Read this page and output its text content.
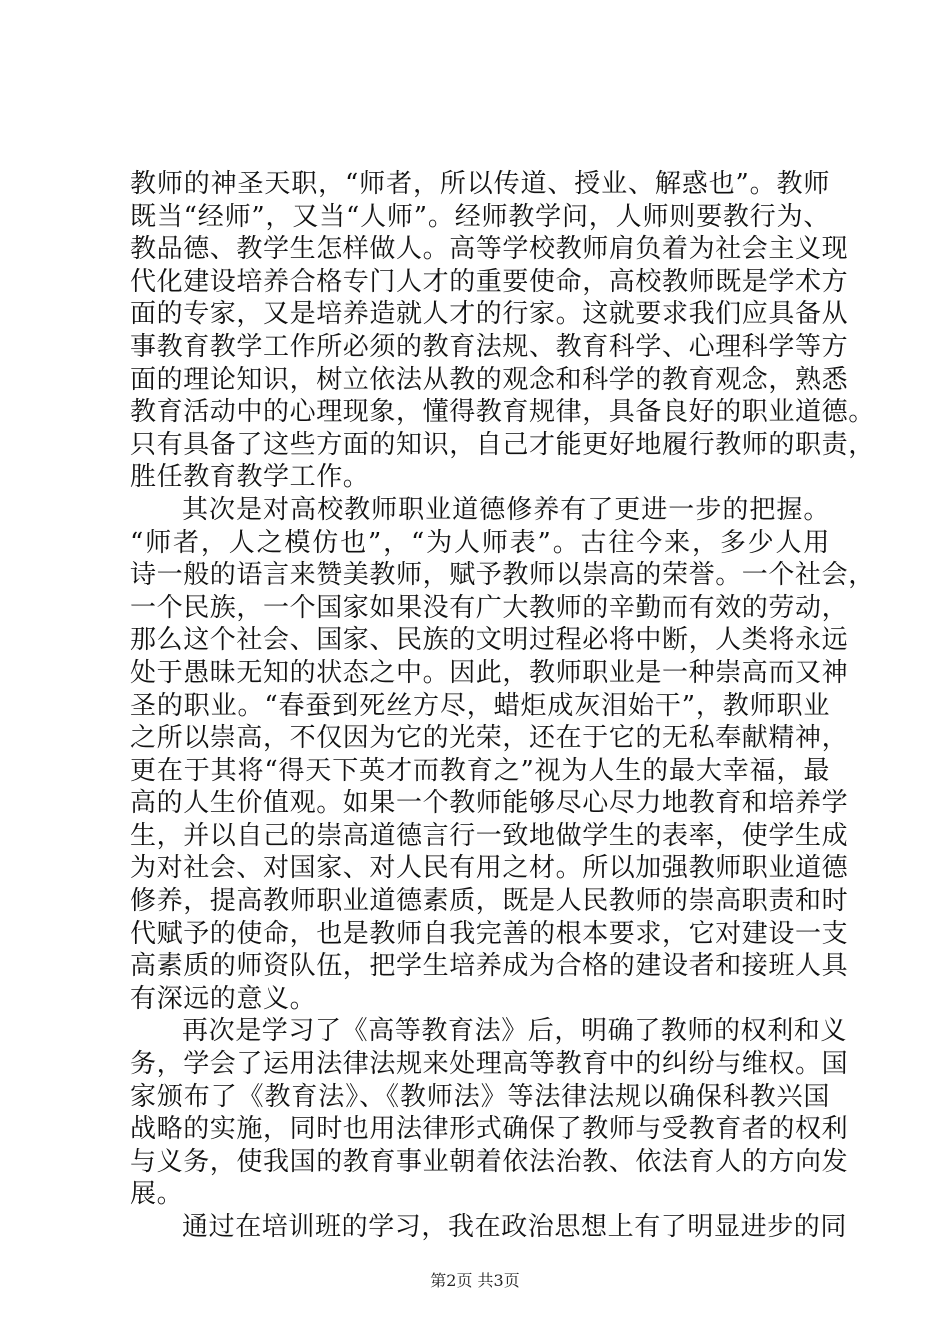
教师的神圣天职，“师者，所以传道、授业、解惑也”。教师
既当“经师”，又当“人师”。经师教学问，人师则要教行为、
教品德、教学生怎样做人。高等学校教师肩负着为社会主义现
代化建设培养合格专门人才的重要使命，高校教师既是学术方
面的专家，又是培养造就人才的行家。这就要求我们应具备从
事教育教学工作所必须的教育法规、教育科学、心理科学等方
面的理论知识，树立依法从教的观念和科学的教育观念，熟悉
教育活动中的心理现象，懂得教育规律，具备良好的职业道德。
只有具备了这些方面的知识，自己才能更好地履行教师的职责，
胜任教育教学工作。
其次是对高校教师职业道德修养有了更进一步的把握。
“师者，人之模仿也”，“为人师表”。古往今来，多少人用
诗一般的语言来赞美教师，赋予教师以崇高的荣誉。一个社会，
一个民族，一个国家如果没有广大教师的辛勤而有效的劳动，
那么这个社会、国家、民族的文明过程必将中断，人类将永远
处于愚昧无知的状态之中。因此，教师职业是一种崇高而又神
圣的职业。“春蚕到死丝方尽，蜡炬成灰泪始干”，教师职业
之所以崇高，不仅因为它的光荣，还在于它的无私奉献精神，
更在于其将“得天下英才而教育之”视为人生的最大幸福，最
高的人生价值观。如果一个教师能够尽心尽力地教育和培养学
生，并以自己的崇高道德言行一致地做学生的表率，使学生成
为对社会、对国家、对人民有用之材。所以加强教师职业道德
修养，提高教师职业道德素质，既是人民教师的崇高职责和时
代赋予的使命，也是教师自我完善的根本要求，它对建设一支
高素质的师资队伍，把学生培养成为合格的建设者和接班人具
有深远的意义。
再次是学习了《高等教育法》后，明确了教师的权利和义
务，学会了运用法律法规来处理高等教育中的纠纷与维权。国
家颁布了《教育法》、《教师法》等法律法规以确保科教兴国
战略的实施，同时也用法律形式确保了教师与受教育者的权利
与义务，使我国的教育事业朝着依法治教、依法育人的方向发
展。
通过在培训班的学习，我在政治思想上有了明显进步的同
第2页 共3页
